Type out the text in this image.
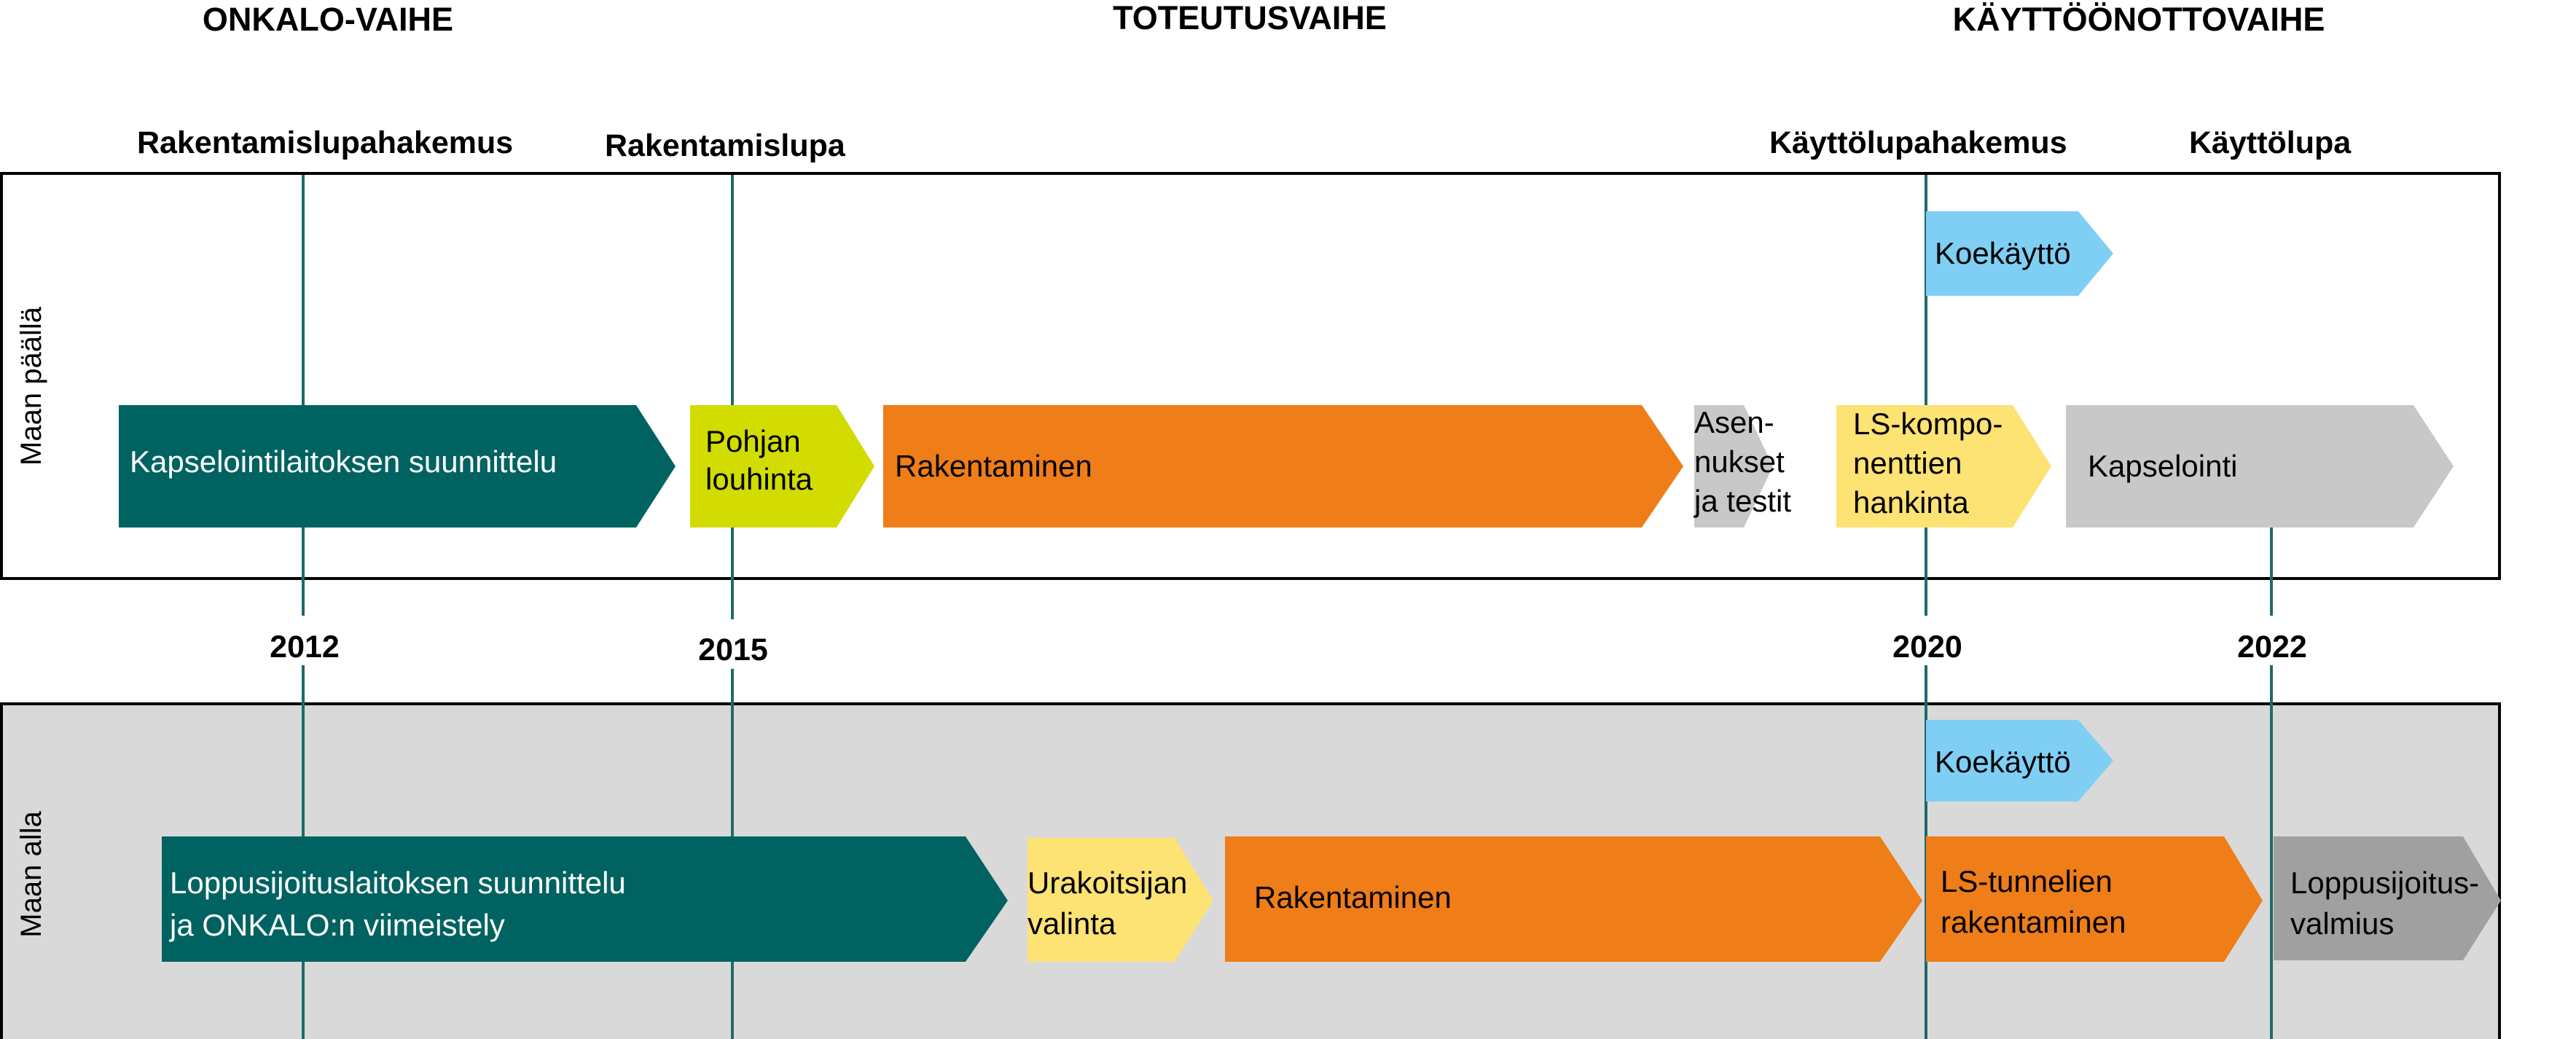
ONKALO-VAIHE	TOTEUTUSVAIHE	KÄYTTÖÖNOTTOVAIHE
Rakentamislupahakemus	Rakentamislupa	Käyttölupahakemus	Käyttölupa
Maan päällä
Maan alla
2012	2015	2020	2022
Koekäyttö
Kapselointilaitoksen suunnittelu
Pohjan
louhinta	Rakentaminen
Asen-
nukset
ja testit
LS-kompo-
nenttien
hankinta
Kapselointi
Koekäyttö
Loppusijoituslaitoksen suunnittelu
ja ONKALO:n viimeistely
Urakoitsijan
valinta
Rakentaminen	LS-tunnelien
rakentaminen
Loppusijoitus-
valmius
